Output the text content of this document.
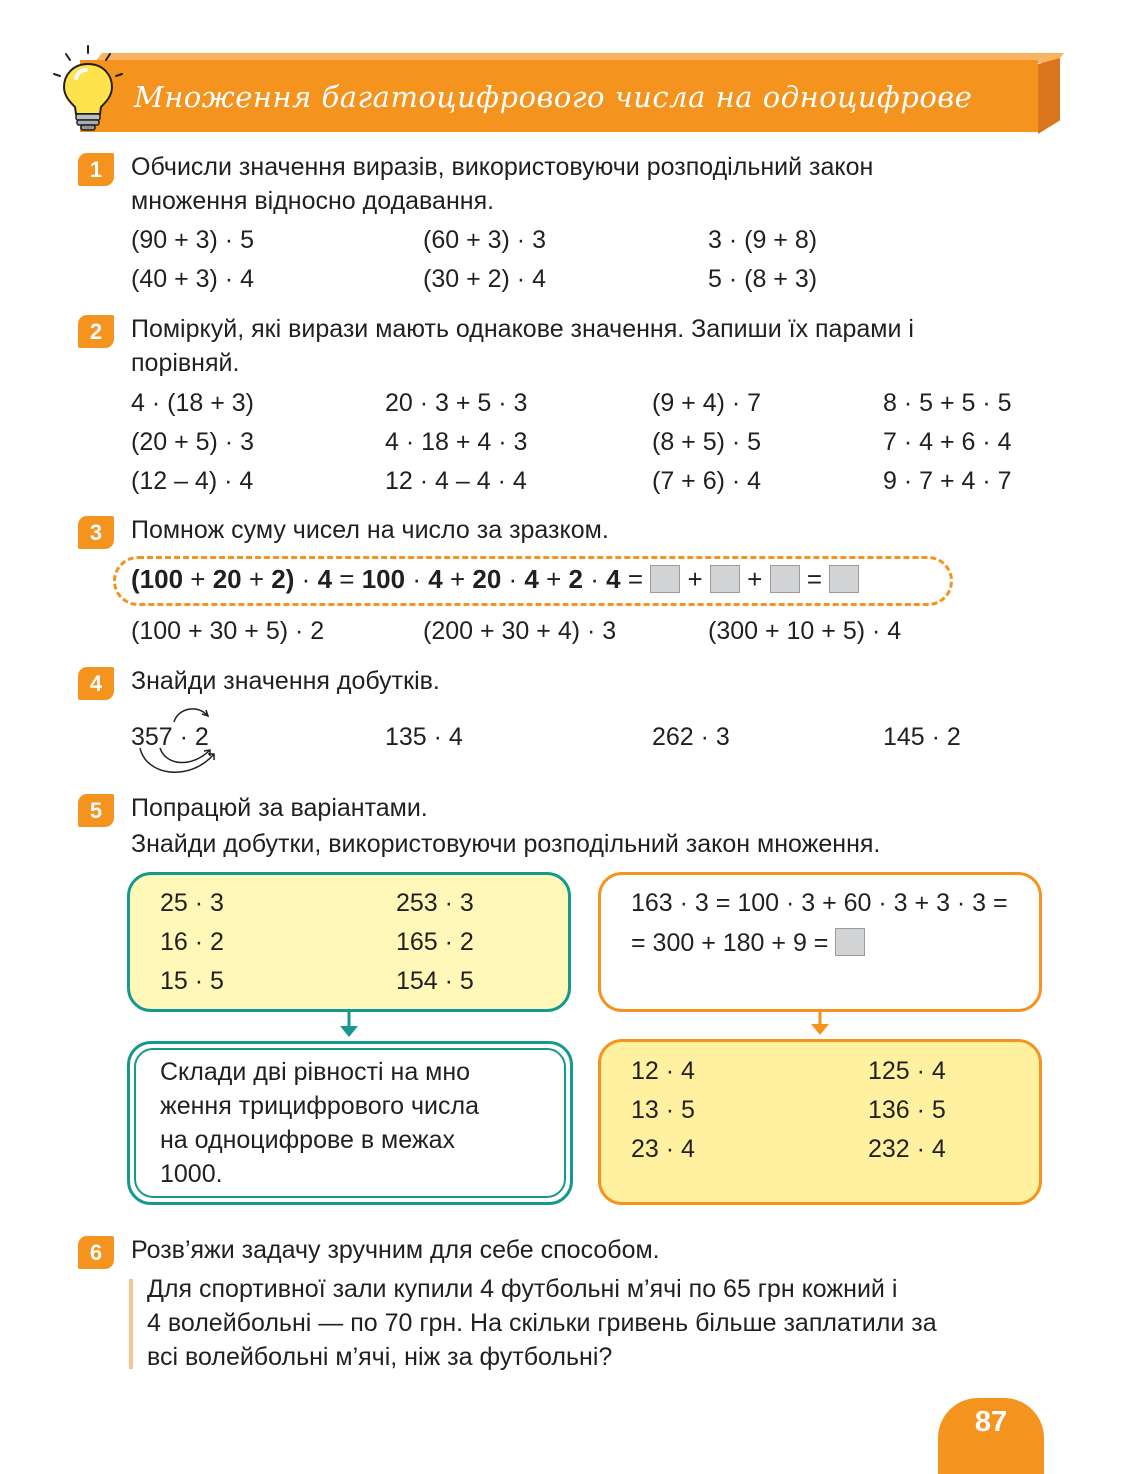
Множення багатоцифрового числа на одноцифрове
1	Обчисли значення виразів, використовуючи розподільний закон
множення відносно додавання.
(90 + 3) · 5	(60 + 3) · 3	3 · (9 + 8)
(40 + 3) · 4	(30 + 2) · 4	5 · (8 + 3)
2	Поміркуй, які вирази мають однакове значення. Запиши їх парами і
порівняй.
4 · (18 + 3)	20 · 3 + 5 · 3	(9 + 4) · 7	8 · 5 + 5 · 5
(20 + 5) · 3	4 · 18 + 4 · 3	(8 + 5) · 5	7 · 4 + 6 · 4
(12 – 4) · 4	12 · 4 – 4 · 4	(7 + 6) · 4	9 · 7 + 4 · 7
3	Помнож суму чисел на число за зразком.
(100 + 20 + 2) · 4 = 100 · 4 + 20 · 4 + 2 · 4 = + + =
(100 + 30 + 5) · 2	(200 + 30 + 4) · 3	(300 + 10 + 5) · 4
4	Знайди значення добутків.
357 · 2	135 · 4	262 · 3	145 · 2
5	Попрацюй за варіантами.
Знайди добутки, використовуючи розподільний закон множення.
25 · 3	253 · 3
16 · 2	165 · 2
15 · 5	154 · 5
163 · 3 = 100 · 3 + 60 · 3 + 3 · 3 =
= 300 + 180 + 9 =
Склади дві рівності на мно
ження трицифрового числа
на одноцифрове в межах
1000.
12 · 4	125 · 4
13 · 5	136 · 5
23 · 4	232 · 4
6	Розв’яжи задачу зручним для себе способом.
Для спортивної зали купили 4 футбольні м’ячі по 65 грн кожний і
4 волейбольні — по 70 грн. На скільки гривень більше заплатили за
всі волейбольні м’ячі, ніж за футбольні?
87
